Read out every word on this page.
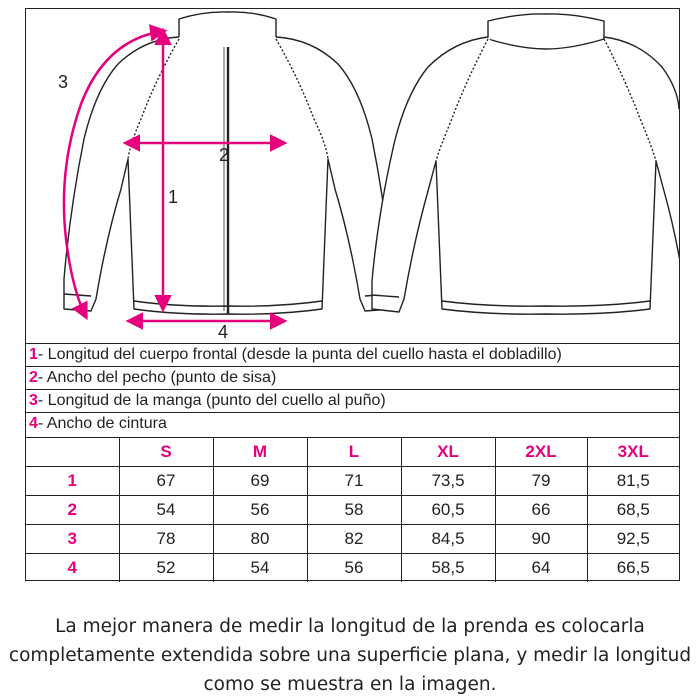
1
2
3
4
1- Longitud del cuerpo frontal (desde la punta del cuello hasta el dobladillo)
2- Ancho del pecho (punto de sisa)
3- Longitud de la manga (punto del cuello al puño)
4- Ancho de cintura
	S	M	L	XL	2XL	3XL
1	67	69	71	73,5	79	81,5
2	54	56	58	60,5	66	68,5
3	78	80	82	84,5	90	92,5
4	52	54	56	58,5	64	66,5
La mejor manera de medir la longitud de la prenda es colocarla completamente extendida sobre una superficie plana, y medir la longitud como se muestra en la imagen.
